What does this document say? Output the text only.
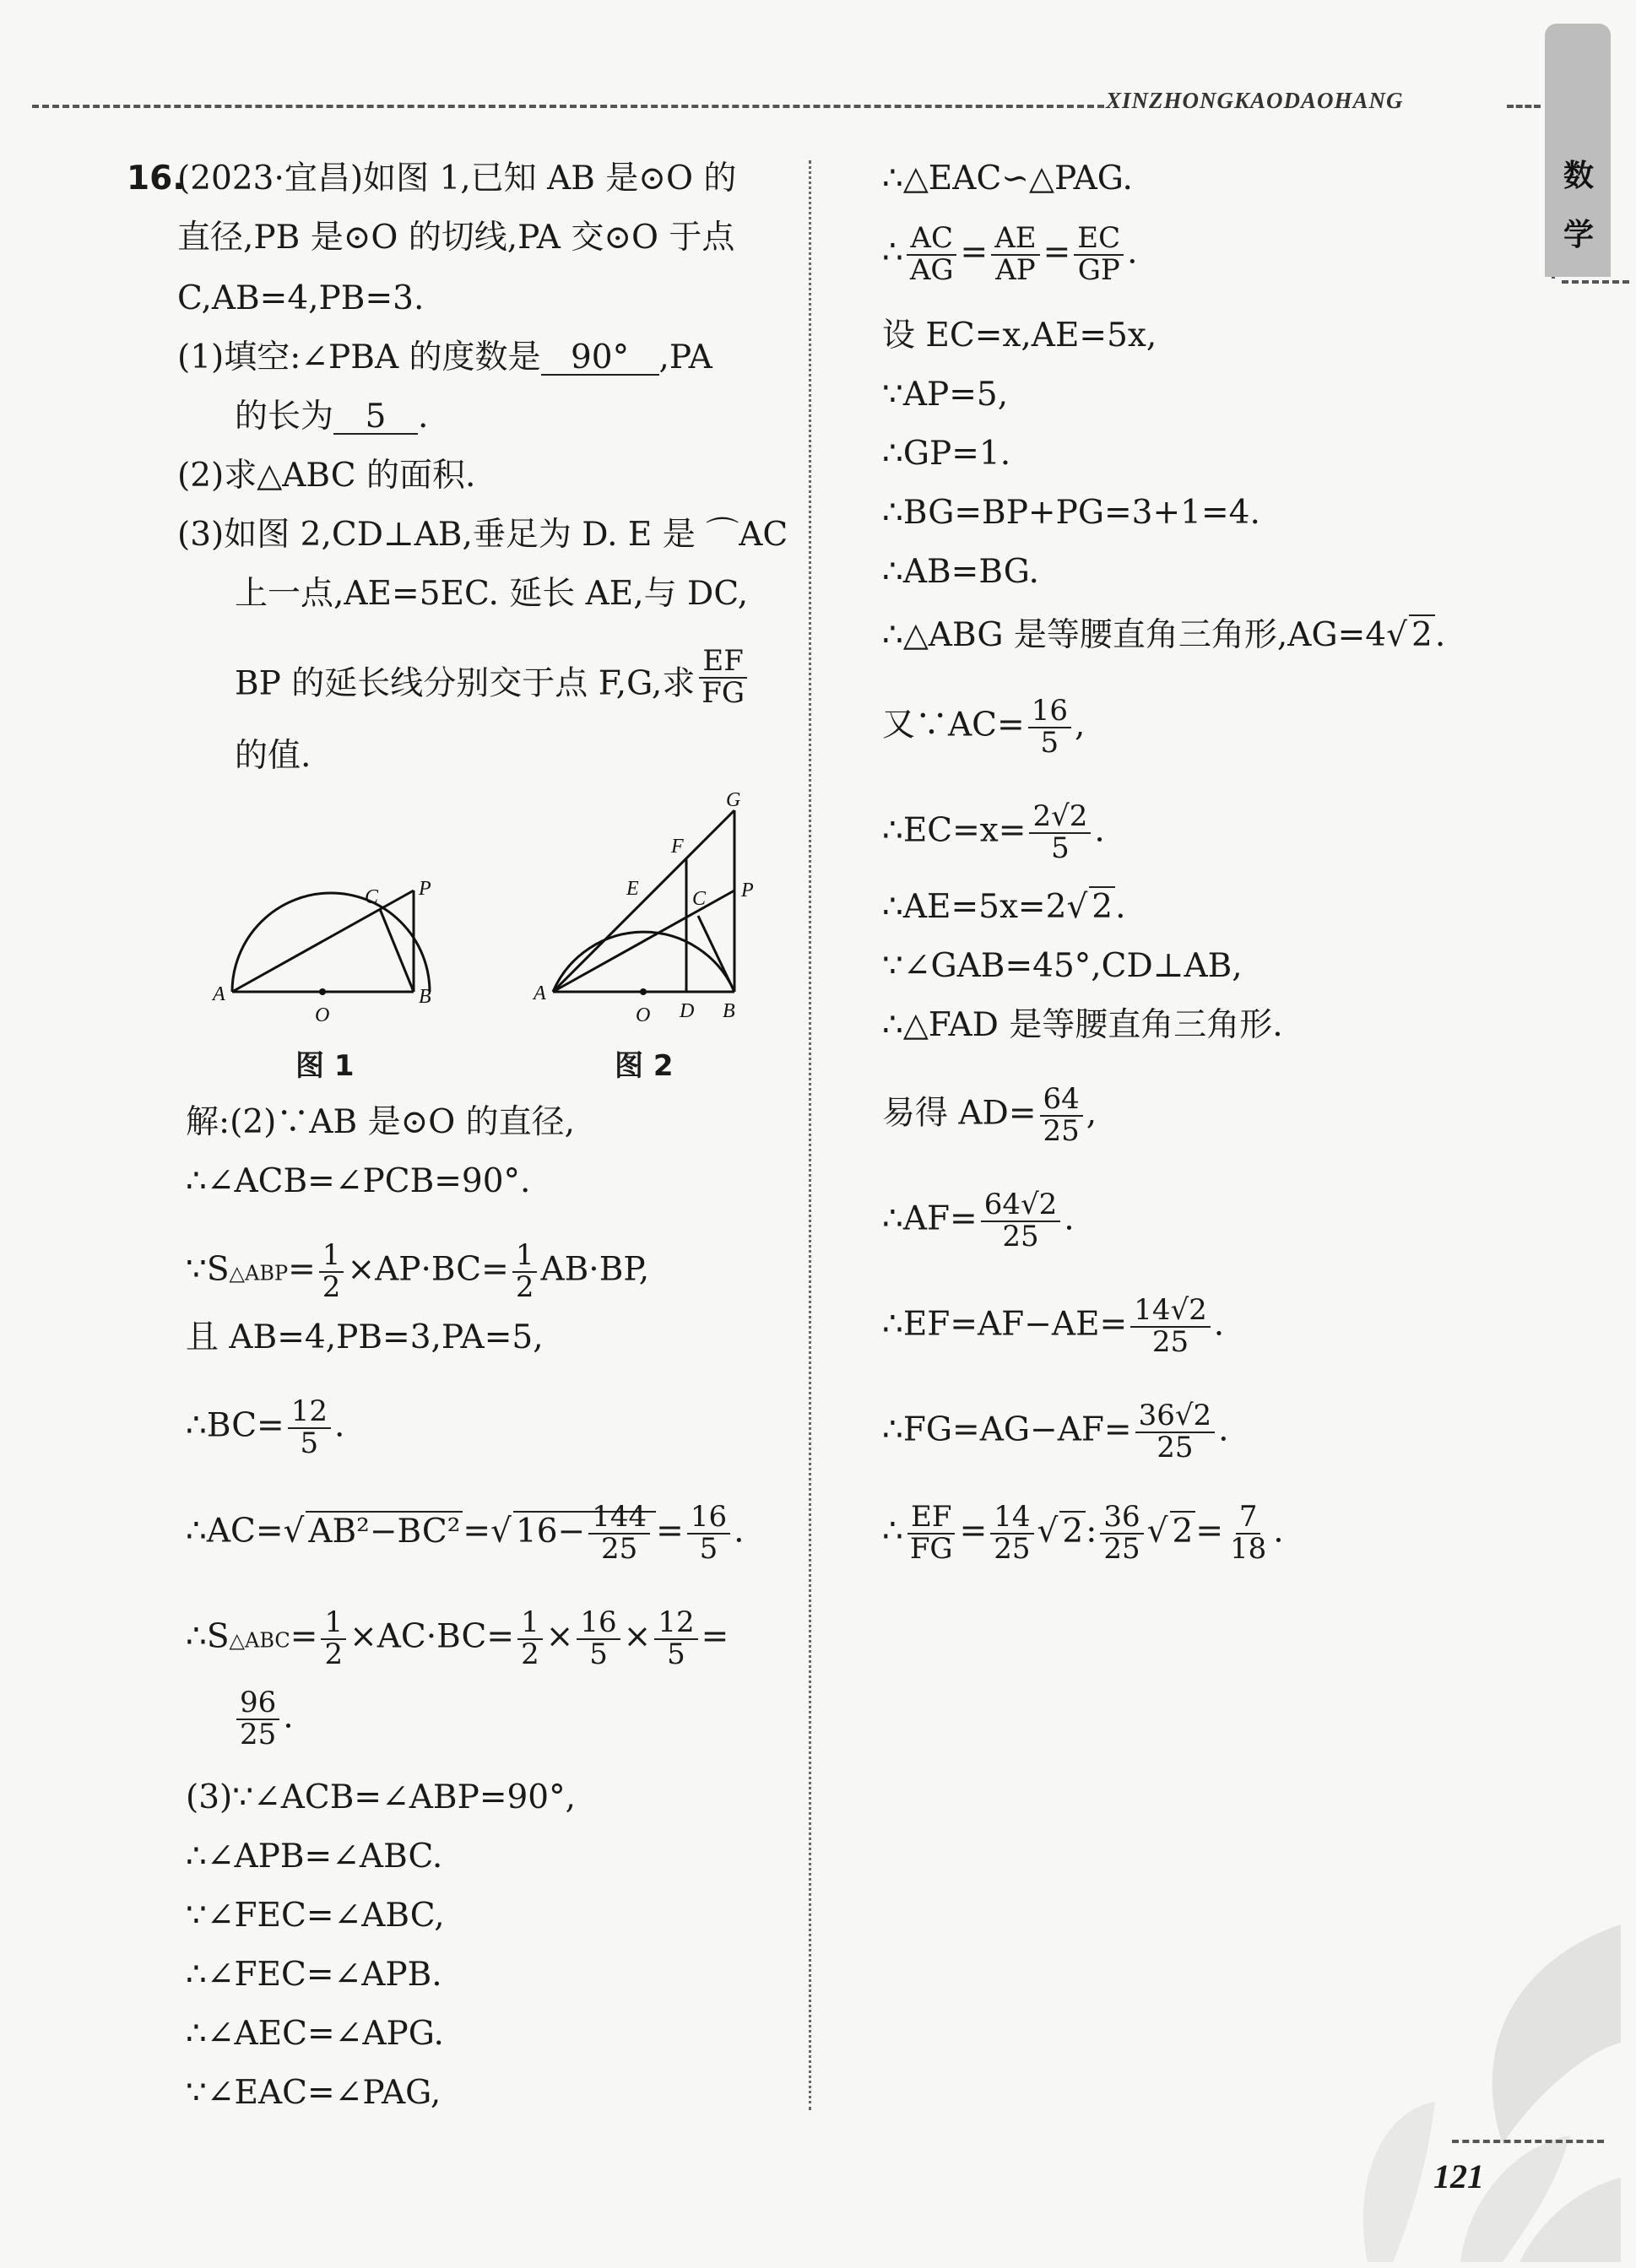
XINZHONGKAODAOHANG
数
学
16.
(2023·宜昌)如图 1,已知 AB 是⊙O 的
直径,PB 是⊙O 的切线,PA 交⊙O 于点
C,AB=4,PB=3.
(1)填空:∠PBA 的度数是 90° ,PA
的长为 5 .
(2)求△ABC 的面积.
(3)如图 2,CD⊥AB,垂足为 D. E 是 ⌒AC
上一点,AE=5EC. 延长 AE,与 DC,
BP 的延长线分别交于点 F,G,求 $\frac{EF}{FG}$
的值.
A
O
B
C P
图 1
A
O D B
C P
E
F
G
图 2
解:(2)∵AB 是⊙O 的直径,
∴∠ACB=∠PCB=90°.
∵S△ABP= $\frac{1}{2} \times AP\cdot BC= \frac{1}{2} AB\cdot BP$,
且 AB=4,PB=3,PA=5,
∴BC= $\frac{12}{5}$ .
∴AC=√ AB²−BC²=√ $16- \frac{144}{25} = \frac{16}{5}$ .
∴S△ABC= $\frac{1}{2} \times AC\cdot BC= \frac{1}{2} \times \frac{16}{5} \times \frac{12}{5}$ =
$\frac{96}{25}$ .
(3)∵∠ACB=∠ABP=90°,
∴∠APB=∠ABC.
∵∠FEC=∠ABC,
∴∠FEC=∠APB.
∴∠AEC=∠APG.
∵∠EAC=∠PAG,
∴△EAC∽△PAG.
∴ $\frac{AC}{AG} = \frac{AE}{AP} = \frac{EC}{GP}$ .
设 EC=x,AE=5x,
∵AP=5,
∴GP=1.
∴BG=BP+PG=3+1=4.
∴AB=BG.
∴△ABG 是等腰直角三角形,AG=4√ 2.
又∵AC= $\frac{16}{5}$ ,
∴EC=x= $\frac{2√2}{5}$ .
∴AE=5x=2√ 2.
∵∠GAB=45°,CD⊥AB,
∴△FAD 是等腰直角三角形.
易得 $AD= \frac{64}{25}$ ,
∴AF= $\frac{64√2}{25}$ .
∴EF=AF−AE= $\frac{14√2}{25}$ .
∴FG=AG−AF= $\frac{36√2}{25}$ .
∴ $\frac{EF}{FG} = \frac{14}{25}$ √ 2: $\frac{36}{25}$ √ $2= \frac{7}{18}$ .
121
